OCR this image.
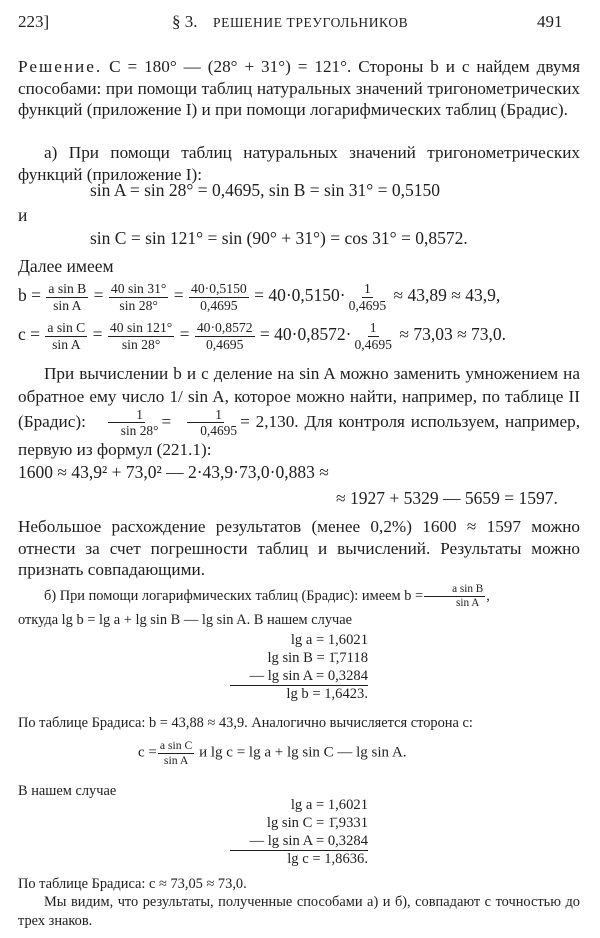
223]	§ 3. РЕШЕНИЕ ТРЕУГОЛЬНИКОВ	491
Решение. C = 180° — (28° + 31°) = 121°. Стороны b и c найдем двумя способами: при помощи таблиц натуральных значений тригонометрических функций (приложение I) и при помощи логарифмических таблиц (Брадис).
а) При помощи таблиц натуральных значений тригонометрических функций (приложение I):
sin A = sin 28° = 0,4695, sin B = sin 31° = 0,5150
и
sin C = sin 121° = sin (90° + 31°) = cos 31° = 0,8572.
Далее имеем
$b = \frac{\text{a sin B}}{\text{sin A}} = \frac{40 \sin 31^\circ}{\sin 28^\circ} = \frac{40\cdot 0,5150}{0,4695} = 40\cdot 0,5150\cdot \frac{1}{0,4695} \approx 43,89 \approx 43,9$,
$c = \frac{\text{a sin C}}{\text{sin A}} = \frac{40 \sin 121^\circ}{\sin 28^\circ} = \frac{40\cdot 0,8572}{0,4695} = 40\cdot 0,8572\cdot \frac{1}{0,4695} \approx 73,03 \approx 73,0$.
При вычислении b и c деление на sin A можно заменить умножением на обратное ему число 1/ sin A, которое можно найти, например, по таблице II (Брадис): $\frac{1}{\sin 28^\circ} = \frac{1}{0,4695} = 2,130$. Для контроля используем, например, первую из формул (221.1):
1600 ≈ 43,9² + 73,0² — 2·43,9·73,0·0,883 ≈
≈ 1927 + 5329 — 5659 = 1597.
Небольшое расхождение результатов (менее 0,2%) 1600 ≈ 1597 можно отнести за счет погрешности таблиц и вычислений. Результаты можно признать совпадающими.
б) При помощи логарифмических таблиц (Брадис): имеем $b = \frac{\text{a sin B}}{\text{sin A}}$ ,
откуда lg b = lg a + lg sin B — lg sin A. В нашем случае
lg a = 1,6021
lg sin B = 1̄,7118
— lg sin A = 0,3284
lg b = 1,6423.
По таблице Брадиса: b = 43,88 ≈ 43,9. Аналогично вычисляется сторона c:
$c = \frac{\text{a sin C}}{\text{sin A}}$ и lg c = lg a + lg sin C — lg sin A.
В нашем случае
lg a = 1,6021
lg sin C = 1̄,9331
— lg sin A = 0,3284
lg c = 1,8636.
По таблице Брадиса: c ≈ 73,05 ≈ 73,0.
Мы видим, что результаты, полученные способами а) и б), совпадают с точностью до трех знаков.
